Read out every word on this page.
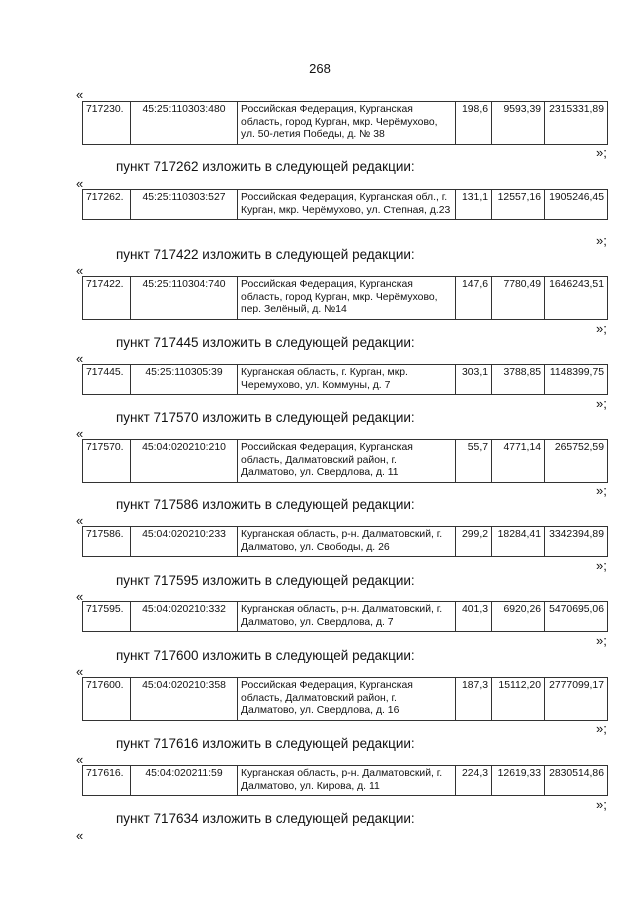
268
«
717230.	45:25:110303:480	Российская Федерация, Курганская область, город Курган, мкр. Черёмухово, ул. 50-летия Победы, д. № 38	198,6	9593,39	2315331,89
»;
пункт 717262 изложить в следующей редакции:
«
717262.	45:25:110303:527	Российская Федерация, Курганская обл., г. Курган, мкр. Черёмухово, ул. Степная, д.23	131,1	12557,16	1905246,45
»;
пункт 717422 изложить в следующей редакции:
«
717422.	45:25:110304:740	Российская Федерация, Курганская область, город Курган, мкр. Черёмухово, пер. Зелёный, д. №14	147,6	7780,49	1646243,51
»;
пункт 717445 изложить в следующей редакции:
«
717445.	45:25:110305:39	Курганская область, г. Курган, мкр. Черемухово, ул. Коммуны, д. 7	303,1	3788,85	1148399,75
»;
пункт 717570 изложить в следующей редакции:
«
717570.	45:04:020210:210	Российская Федерация, Курганская область, Далматовский район, г. Далматово, ул. Свердлова, д. 11	55,7	4771,14	265752,59
»;
пункт 717586 изложить в следующей редакции:
«
717586.	45:04:020210:233	Курганская область, р-н. Далматовский, г. Далматово, ул. Свободы, д. 26	299,2	18284,41	3342394,89
»;
пункт 717595 изложить в следующей редакции:
«
717595.	45:04:020210:332	Курганская область, р-н. Далматовский, г. Далматово, ул. Свердлова, д. 7	401,3	6920,26	5470695,06
»;
пункт 717600 изложить в следующей редакции:
«
717600.	45:04:020210:358	Российская Федерация, Курганская область, Далматовский район, г. Далматово, ул. Свердлова, д. 16	187,3	15112,20	2777099,17
»;
пункт 717616 изложить в следующей редакции:
«
717616.	45:04:020211:59	Курганская область, р-н. Далматовский, г. Далматово, ул. Кирова, д. 11	224,3	12619,33	2830514,86
»;
пункт 717634 изложить в следующей редакции:
«
